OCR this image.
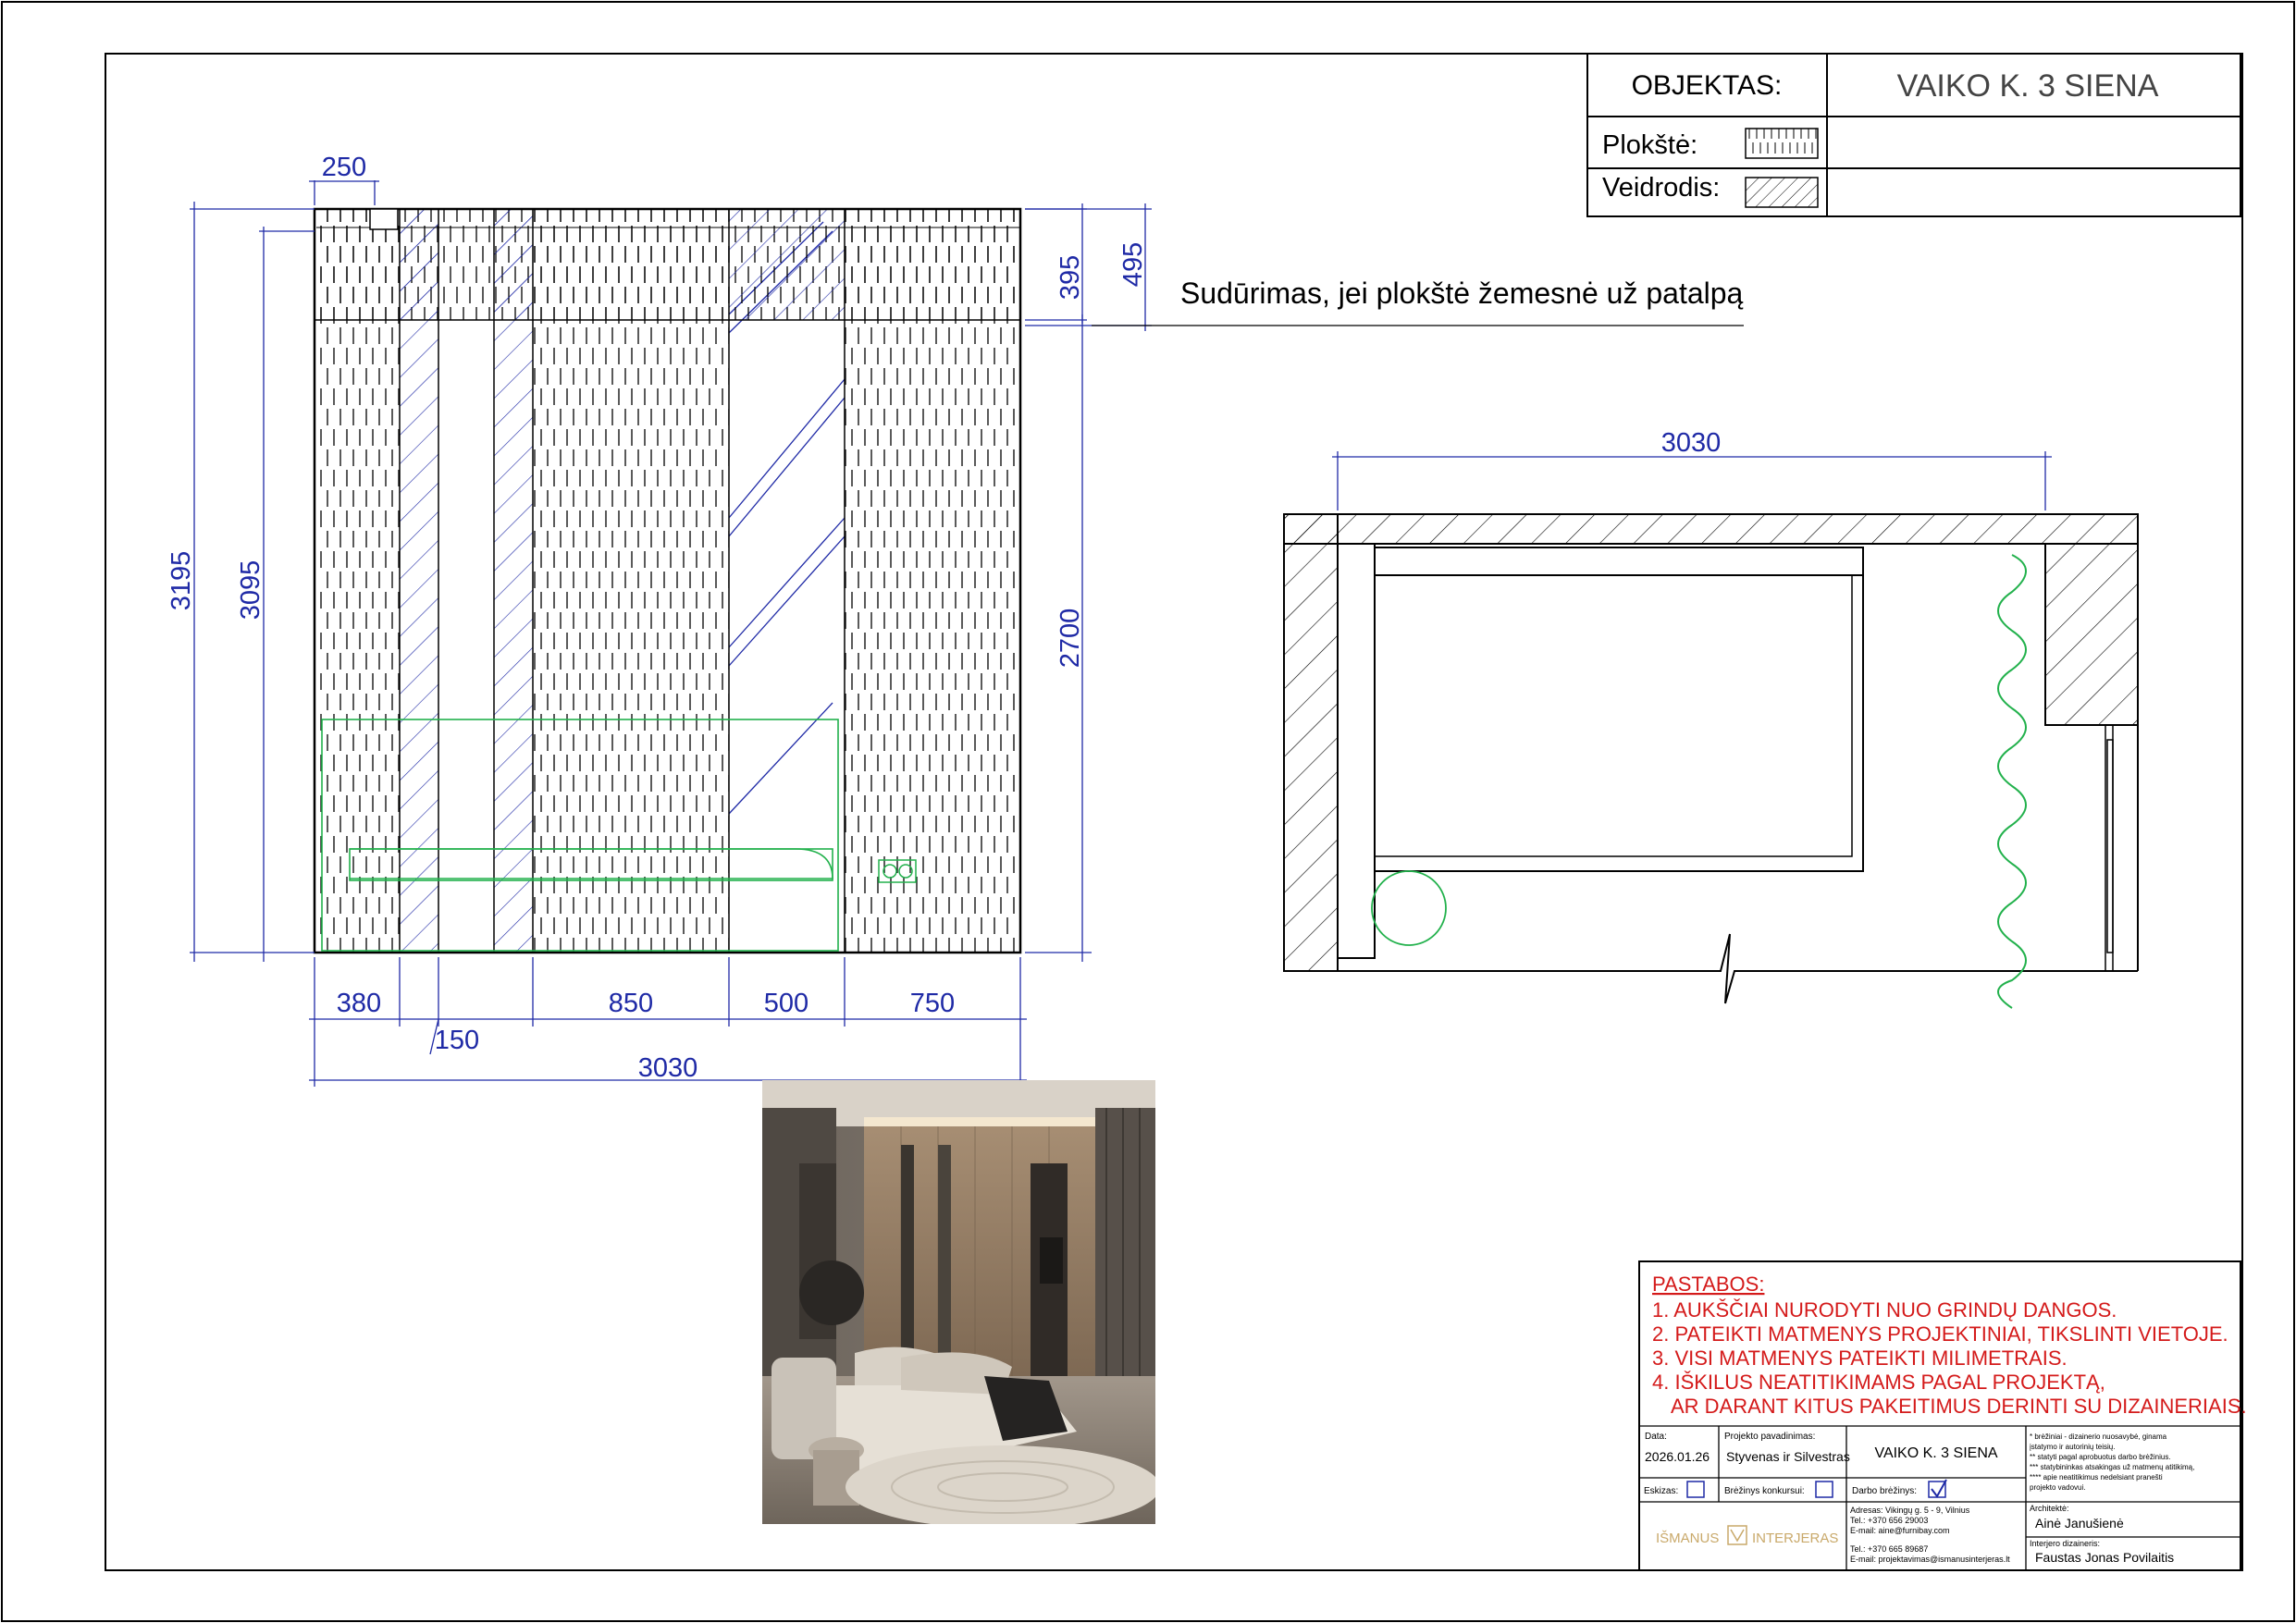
OBJEKTAS:	VAIKO K. 3 SIENA
Plokštė:
Veidrodis:
250
3195 3095
2700
395 495
380
150
850	500	750
3030
Sudūrimas, jei plokštė žemesnė už patalpą
3030
PASTABOS:
1. AUKŠČIAI NURODYTI NUO GRINDŲ DANGOS.
2. PATEIKTI MATMENYS PROJEKTINIAI, TIKSLINTI VIETOJE.
3. VISI MATMENYS PATEIKTI MILIMETRAIS.
4. IŠKILUS NEATITIKIMAMS PAGAL PROJEKTĄ,
AR DARANT KITUS PAKEITIMUS DERINTI SU DIZAINERIAIS.
Data:
2026.01.26
Projekto pavadinimas:
Styvenas ir Silvestras VAIKO K. 3 SIENA
* brėžiniai - dizainerio nuosavybė, ginama
įstatymo ir autorinių teisių.
** statyti pagal aprobuotus darbo brėžinius.
*** statybininkas atsakingas už matmenų atitikimą,
**** apie neatitikimus nedelsiant pranešti
projekto vadovui.
Eskizas:	Brėžinys konkursui:	Darbo brėžinys:
IŠMANUS INTERJERAS
Adresas: Vikingų g. 5 - 9, Vilnius
Tel.: +370 656 29003
E-mail: aine@furnibay.com
Tel.: +370 665 89687
E-mail: projektavimas@ismanusinterjeras.lt
Architektė:
Ainė Janušienė
Interjero dizaineris:
Faustas Jonas Povilaitis
